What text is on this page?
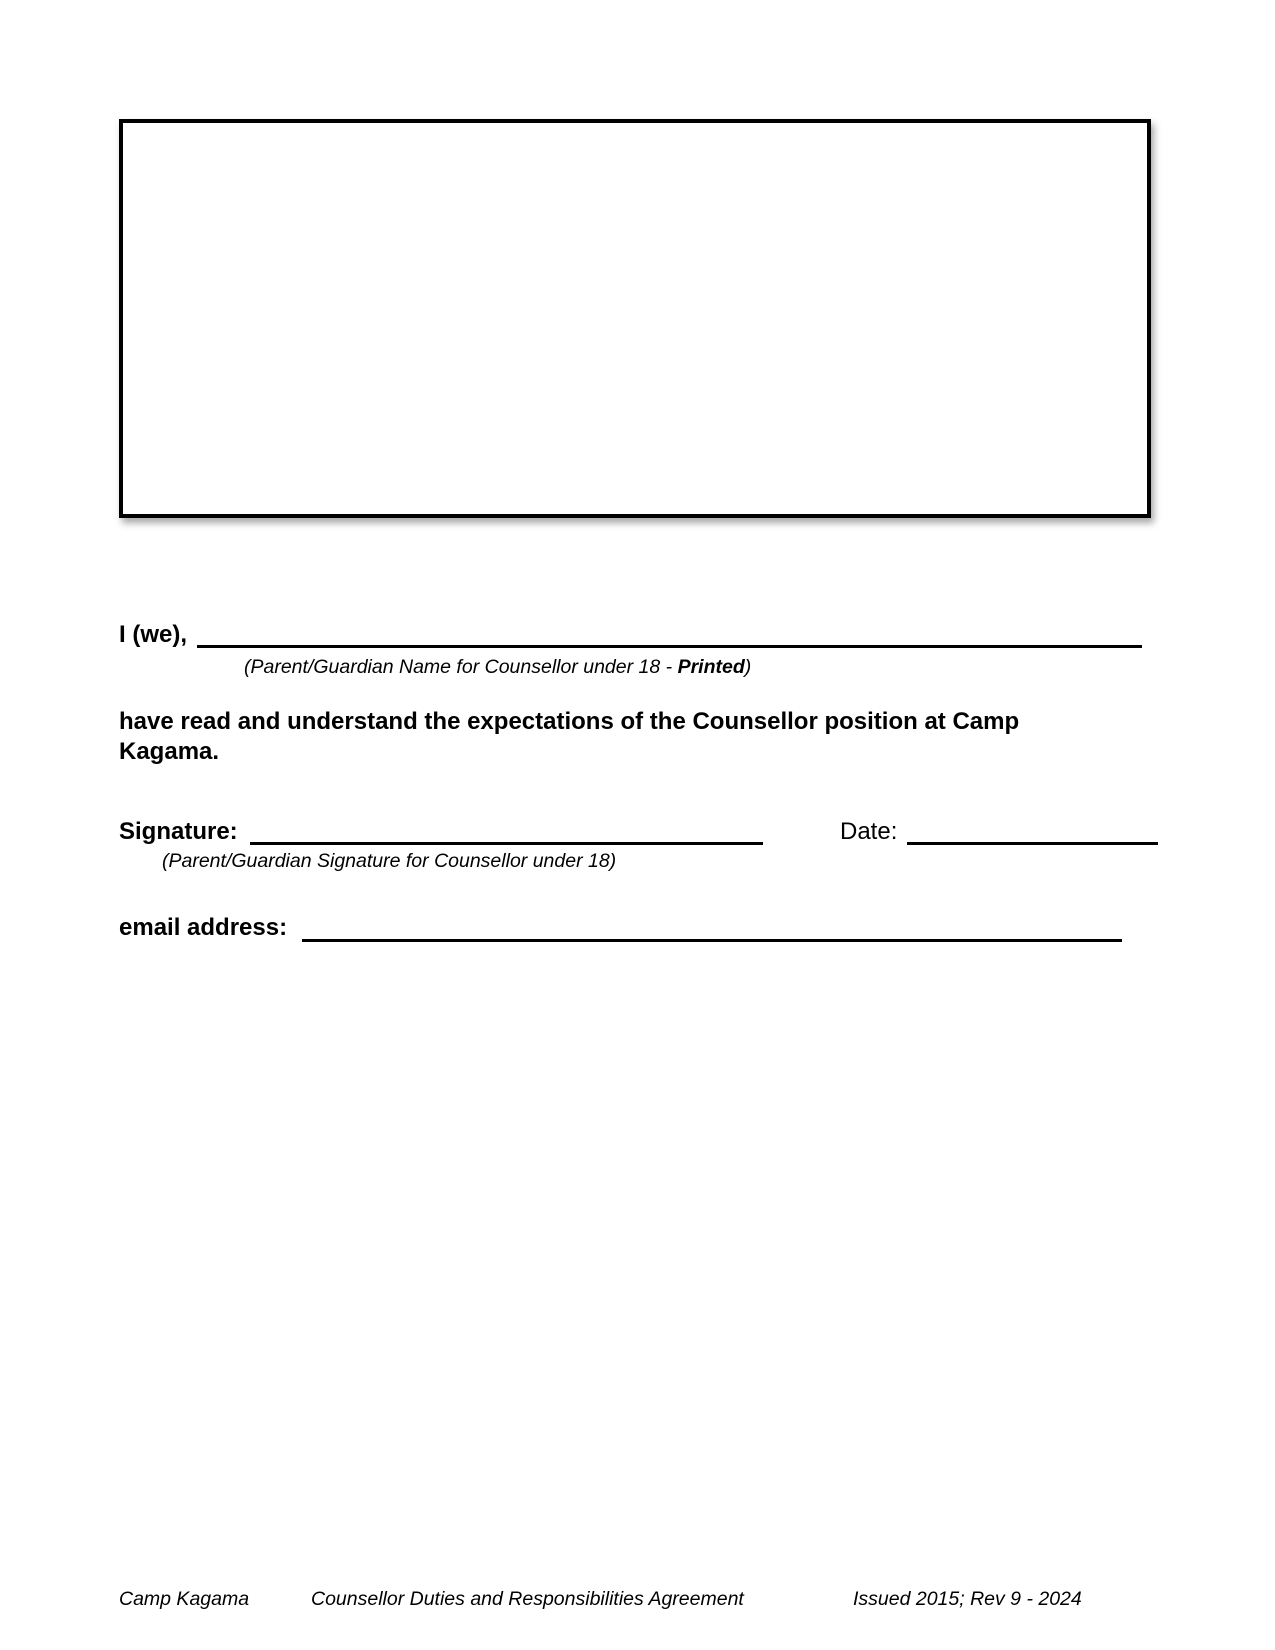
I (we),
(Parent/Guardian Name for Counsellor under 18 - Printed)
have read and understand the expectations of the Counsellor position at Camp Kagama.
Signature:
(Parent/Guardian Signature for Counsellor under 18)
Date:
email address:
Camp Kagama	Counsellor Duties and Responsibilities Agreement	Issued 2015; Rev 9 - 2024
